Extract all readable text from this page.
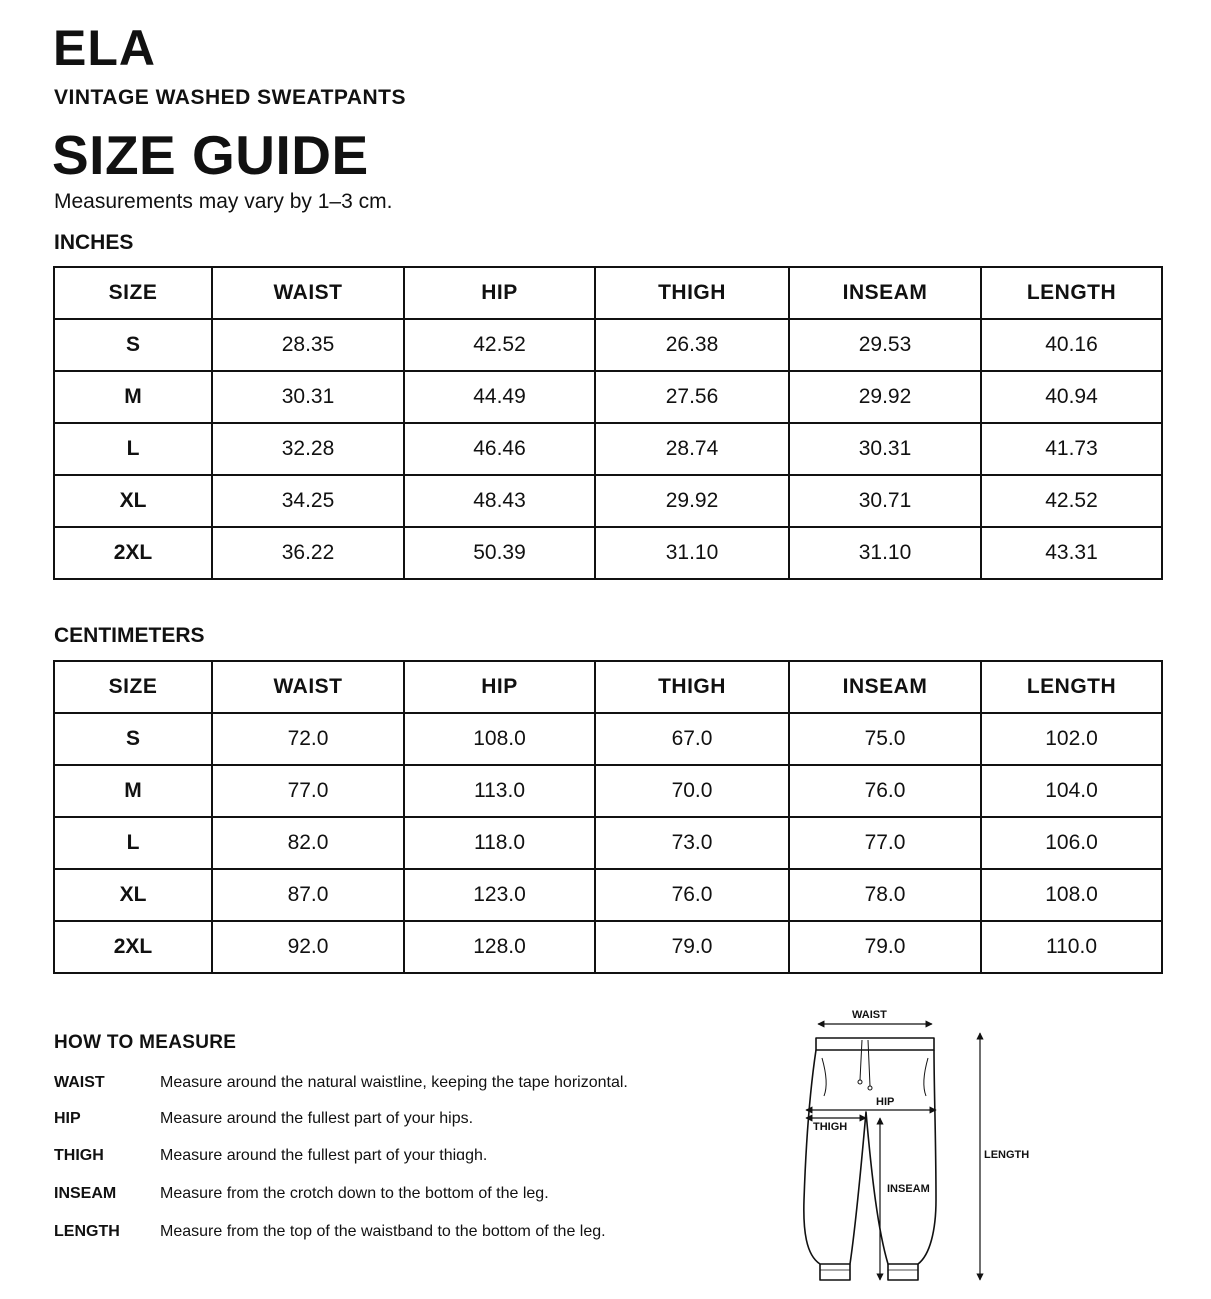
ELA
VINTAGE WASHED SWEATPANTS
SIZE GUIDE
Measurements may vary by 1–3 cm.
INCHES
SIZE	WAIST	HIP	THIGH	INSEAM	LENGTH
S	28.35	42.52	26.38	29.53	40.16
M	30.31	44.49	27.56	29.92	40.94
L	32.28	46.46	28.74	30.31	41.73
XL	34.25	48.43	29.92	30.71	42.52
2XL	36.22	50.39	31.10	31.10	43.31
CENTIMETERS
SIZE	WAIST	HIP	THIGH	INSEAM	LENGTH
S	72.0	108.0	67.0	75.0	102.0
M	77.0	113.0	70.0	76.0	104.0
L	82.0	118.0	73.0	77.0	106.0
XL	87.0	123.0	76.0	78.0	108.0
2XL	92.0	128.0	79.0	79.0	110.0
HOW TO MEASURE
WAIST	Measure around the natural waistline, keeping the tape horizontal.
HIP	Measure around the fullest part of your hips.
THIGH	Measure around the fullest part of your thiɑgh.
INSEAM	Measure from the crotch down to the bottom of the leg.
LENGTH	Measure from the top of the waistband to the bottom of the leg.
WAIST
HIP
THIGH
INSEAM
LENGTH
